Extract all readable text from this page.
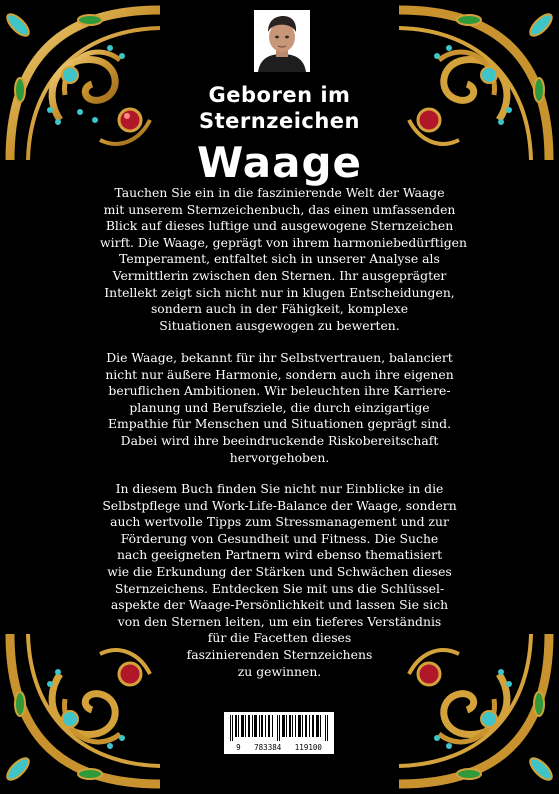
Geboren im
Sternzeichen
Waage
Tauchen Sie ein in die faszinierende Welt der Waage
mit unserem Sternzeichenbuch, das einen umfassenden
Blick auf dieses luftige und ausgewogene Sternzeichen
wirft. Die Waage, geprägt von ihrem harmoniebedürftigen
Temperament, entfaltet sich in unserer Analyse als
Vermittlerin zwischen den Sternen. Ihr ausgeprägter
Intellekt zeigt sich nicht nur in klugen Entscheidungen,
sondern auch in der Fähigkeit, komplexe
Situationen ausgewogen zu bewerten.
Die Waage, bekannt für ihr Selbstvertrauen, balanciert
nicht nur äußere Harmonie, sondern auch ihre eigenen
beruflichen Ambitionen. Wir beleuchten ihre Karriere-
planung und Berufsziele, die durch einzigartige
Empathie für Menschen und Situationen geprägt sind.
Dabei wird ihre beeindruckende Riskobereitschaft
hervorgehoben.
In diesem Buch finden Sie nicht nur Einblicke in die
Selbstpflege und Work-Life-Balance der Waage, sondern
auch wertvolle Tipps zum Stressmanagement und zur
Förderung von Gesundheit und Fitness. Die Suche
nach geeigneten Partnern wird ebenso thematisiert
wie die Erkundung der Stärken und Schwächen dieses
Sternzeichens. Entdecken Sie mit uns die Schlüssel-
aspekte der Waage-Persönlichkeit und lassen Sie sich
von den Sternen leiten, um ein tieferes Verständnis
für die Facetten dieses
faszinierenden Sternzeichens
zu gewinnen.
9   783384   119100
